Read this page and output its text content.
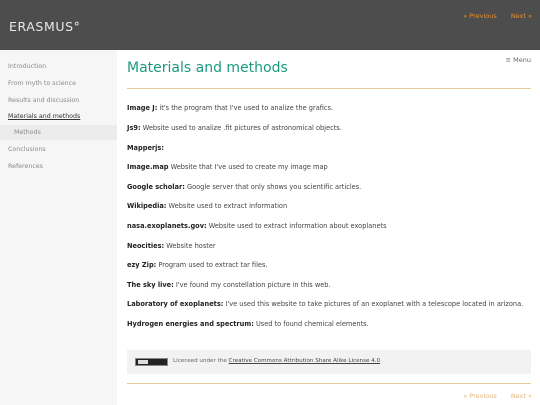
ERASMUS°
« Previous Next »
Introduction
From myth to science
Results and discussion
Materials and methods
Methods
Conclusions
References
≡ Menu
Materials and methods
Image J: it's the program that I've used to analize the grafics.
Js9: Website used to analize .fit pictures of astronomical objects.
Mapperjs:
Image.map Website that I've used to create my image map
Google scholar: Google server that only shows you scientific articles.
Wikipedia: Website used to extract information
nasa.exoplanets.gov: Website used to extract information about exoplanets
Neocities: Website hoster
ezy Zip: Program used to extract tar files.
The sky live: I've found my constellation picture in this web.
Laboratory of exoplanets: I've used this website to take pictures of an exoplanet with a telescope located in arizona.
Hydrogen energies and spectrum: Used to found chemical elements.
Licensed under the Creative Commons Attribution Share Alike License 4.0
« Previous Next »
